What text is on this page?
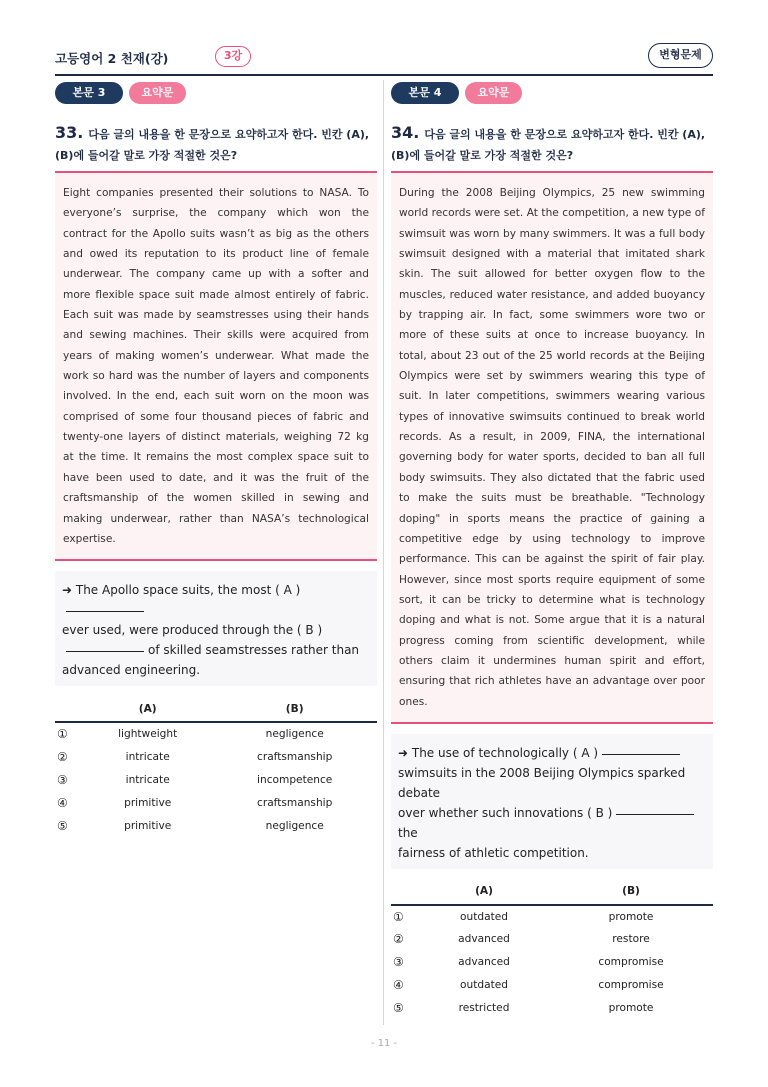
고등영어 2 천재(강)	3강	변형문제
본문 3	요약문
33. 다음 글의 내용을 한 문장으로 요약하고자 한다. 빈칸 (A), (B)에 들어갈 말로 가장 적절한 것은?
Eight companies presented their solutions to NASA. To everyone’s surprise, the company which won the contract for the Apollo suits wasn’t as big as the others and owed its reputation to its product line of female underwear. The company came up with a softer and more flexible space suit made almost entirely of fabric. Each suit was made by seamstresses using their hands and sewing machines. Their skills were acquired from years of making women’s underwear. What made the work so hard was the number of layers and components involved. In the end, each suit worn on the moon was comprised of some four thousand pieces of fabric and twenty-one layers of distinct materials, weighing 72 kg at the time. It remains the most complex space suit to have been used to date, and it was the fruit of the craftsmanship of the women skilled in sewing and making underwear, rather than NASA’s technological expertise.
➜ The Apollo space suits, the most ( A )
ever used, were produced through the ( B )
of skilled seamstresses rather than
advanced engineering.
	(A)	(B)
①	lightweight	negligence
②	intricate	craftsmanship
③	intricate	incompetence
④	primitive	craftsmanship
⑤	primitive	negligence
본문 4	요약문
34. 다음 글의 내용을 한 문장으로 요약하고자 한다. 빈칸 (A), (B)에 들어갈 말로 가장 적절한 것은?
During the 2008 Beijing Olympics, 25 new swimming world records were set. At the competition, a new type of swimsuit was worn by many swimmers. It was a full body swimsuit designed with a material that imitated shark skin. The suit allowed for better oxygen flow to the muscles, reduced water resistance, and added buoyancy by trapping air. In fact, some swimmers wore two or more of these suits at once to increase buoyancy. In total, about 23 out of the 25 world records at the Beijing Olympics were set by swimmers wearing this type of suit. In later competitions, swimmers wearing various types of innovative swimsuits continued to break world records. As a result, in 2009, FINA, the international governing body for water sports, decided to ban all full body swimsuits. They also dictated that the fabric used to make the suits must be breathable. "Technology doping" in sports means the practice of gaining a competitive edge by using technology to improve performance. This can be against the spirit of fair play. However, since most sports require equipment of some sort, it can be tricky to determine what is technology doping and what is not. Some argue that it is a natural progress coming from scientific development, while others claim it undermines human spirit and effort, ensuring that rich athletes have an advantage over poor ones.
➜ The use of technologically ( A )
swimsuits in the 2008 Beijing Olympics sparked debate
over whether such innovations ( B )the
fairness of athletic competition.
	(A)	(B)
①	outdated	promote
②	advanced	restore
③	advanced	compromise
④	outdated	compromise
⑤	restricted	promote
- 11 -
